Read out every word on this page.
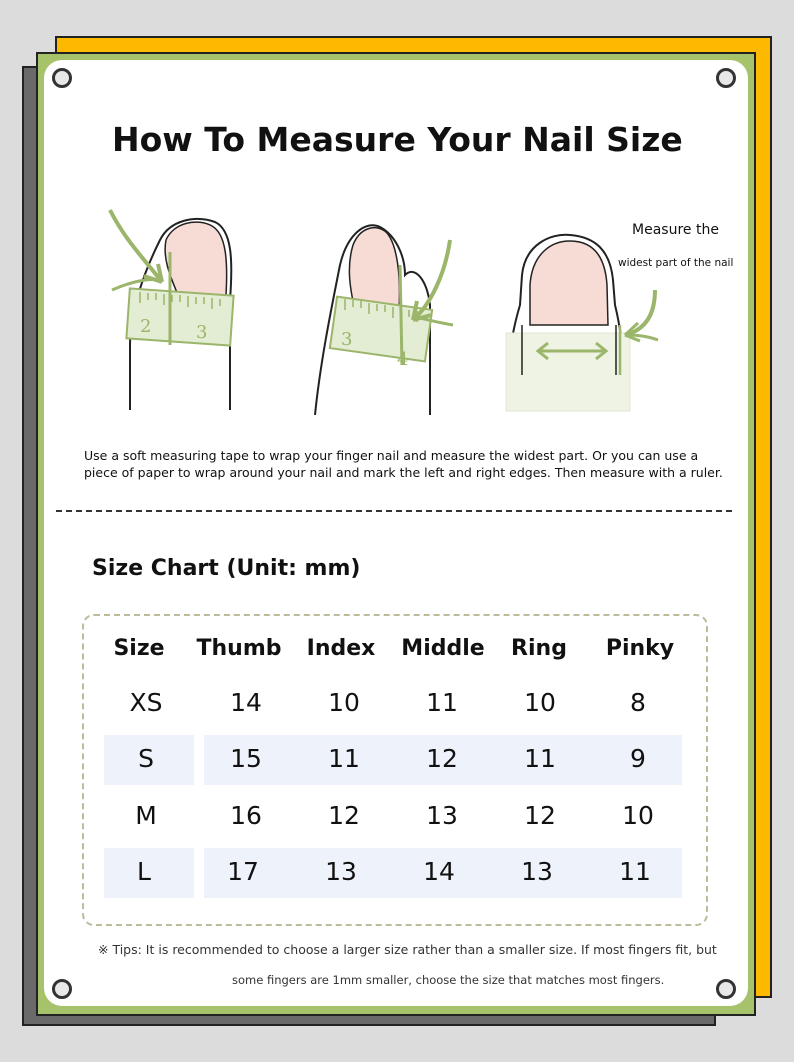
How To Measure Your Nail Size
2 3	3
4
Measure the
widest part of the nail
Use a soft measuring tape to wrap your finger nail and measure the widest part. Or you can use a piece of paper to wrap around your nail and mark the left and right edges. Then measure with a ruler.
Size Chart (Unit: mm)
Size	Thumb	Index	Middle	Ring	Pinky
XS	14	10	11	10	8
S	15	11	12	11	9
M	16	12	13	12	10
L	17	13	14	13	11
※ Tips: It is recommended to choose a larger size rather than a smaller size. If most fingers fit, but
some fingers are 1mm smaller, choose the size that matches most fingers.
